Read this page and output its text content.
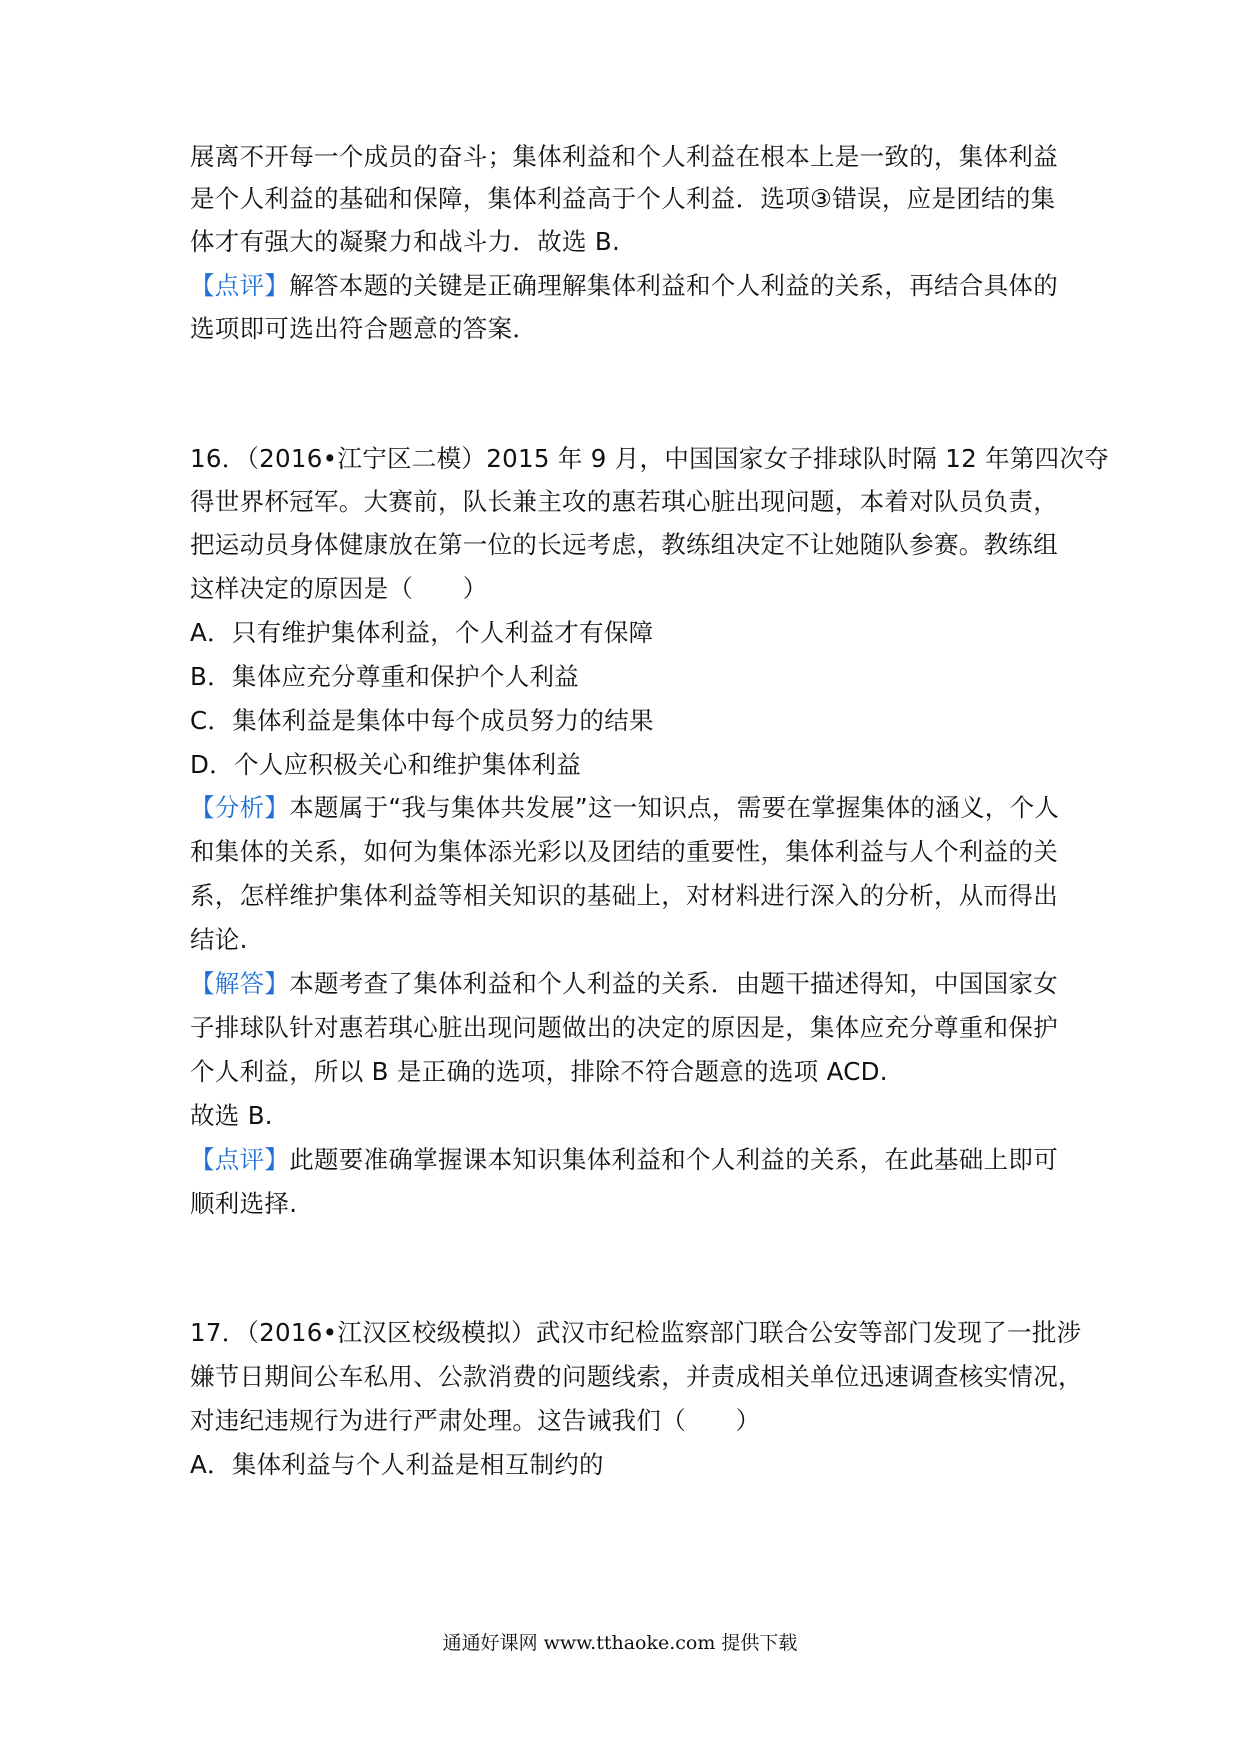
展离不开每一个成员的奋斗；集体利益和个人利益在根本上是一致的，集体利益
是个人利益的基础和保障，集体利益高于个人利益．选项③错误，应是团结的集
体才有强大的凝聚力和战斗力．故选 B.
【点评】解答本题的关键是正确理解集体利益和个人利益的关系，再结合具体的
选项即可选出符合题意的答案．
16．（2016•江宁区二模）2015 年 9 月，中国国家女子排球队时隔 12 年第四次夺
得世界杯冠军。大赛前，队长兼主攻的惠若琪心脏出现问题，本着对队员负责，
把运动员身体健康放在第一位的长远考虑，教练组决定不让她随队参赛。教练组
这样决定的原因是（　　）
A．只有维护集体利益，个人利益才有保障
B．集体应充分尊重和保护个人利益
C．集体利益是集体中每个成员努力的结果
D．个人应积极关心和维护集体利益
【分析】本题属于“我与集体共发展”这一知识点，需要在掌握集体的涵义，个人
和集体的关系，如何为集体添光彩以及团结的重要性，集体利益与人个利益的关
系，怎样维护集体利益等相关知识的基础上，对材料进行深入的分析，从而得出
结论.
【解答】本题考查了集体利益和个人利益的关系．由题干描述得知，中国国家女
子排球队针对惠若琪心脏出现问题做出的决定的原因是，集体应充分尊重和保护
个人利益，所以 B 是正确的选项，排除不符合题意的选项 ACD.
故选 B.
【点评】此题要准确掌握课本知识集体利益和个人利益的关系，在此基础上即可
顺利选择.
17．（2016•江汉区校级模拟）武汉市纪检监察部门联合公安等部门发现了一批涉
嫌节日期间公车私用、公款消费的问题线索，并责成相关单位迅速调查核实情况，
对违纪违规行为进行严肃处理。这告诫我们（　　）
A．集体利益与个人利益是相互制约的
通通好课网 www.tthaoke.com 提供下载
